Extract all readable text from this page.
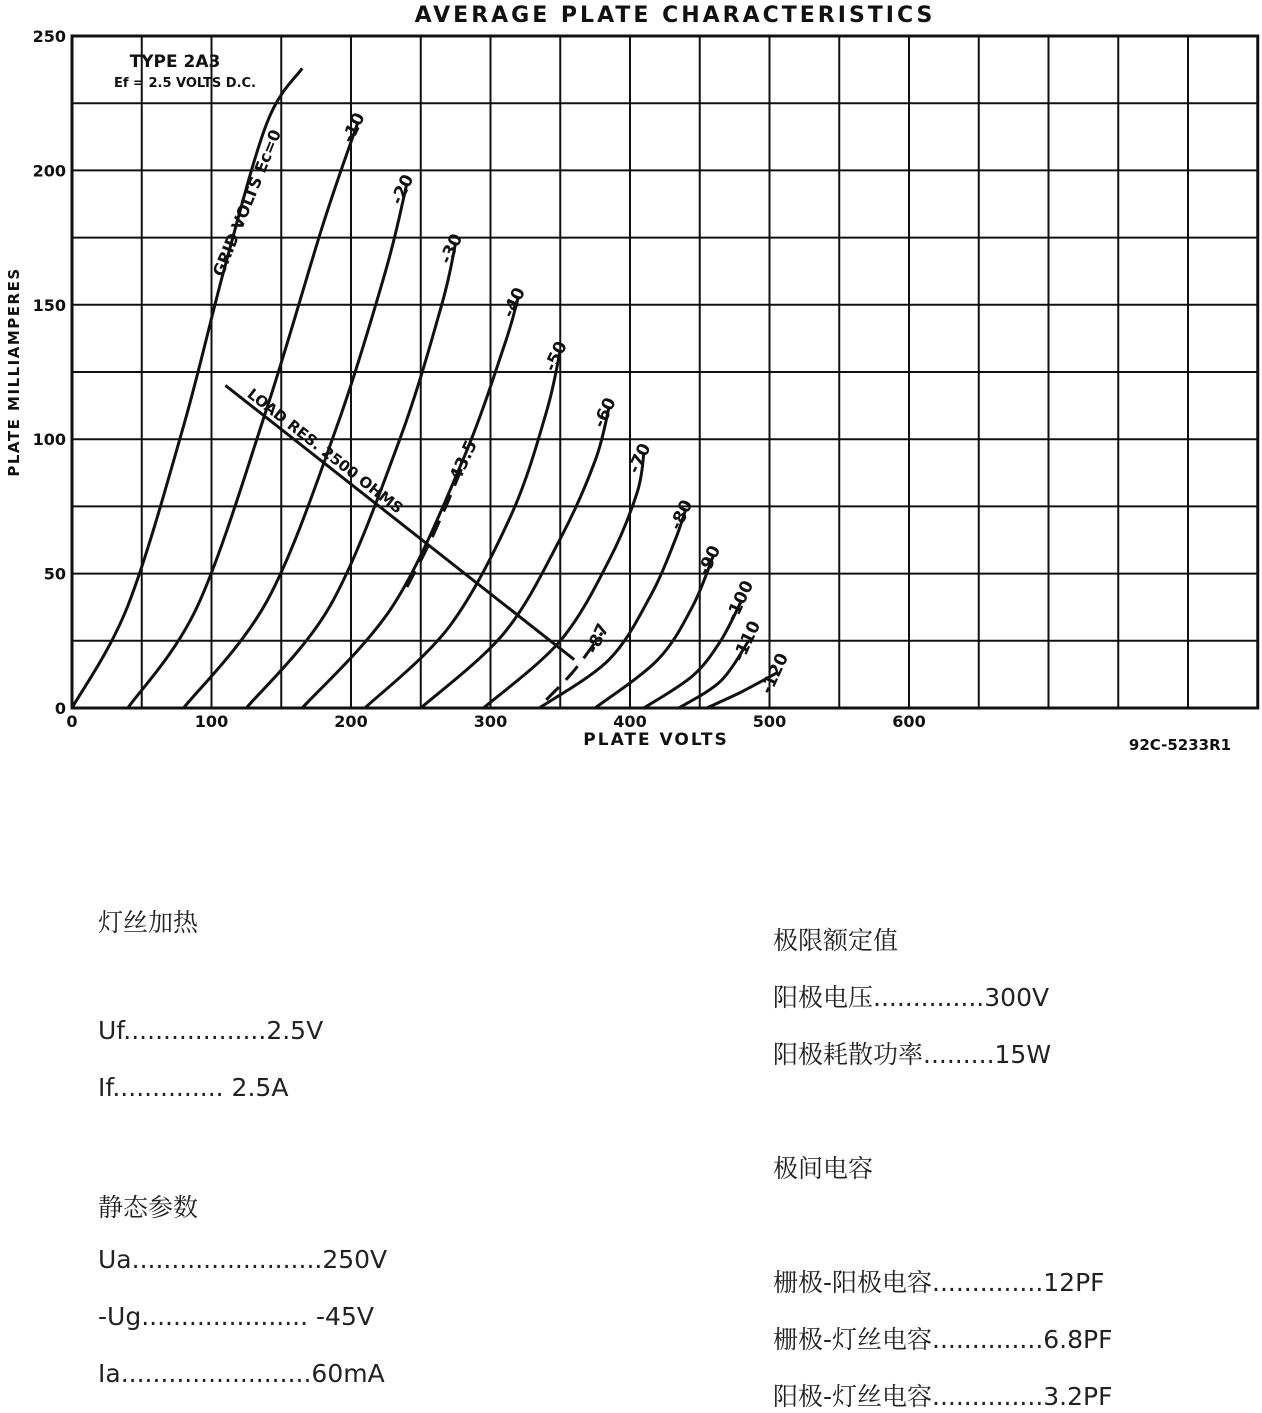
AVERAGE PLATE CHARACTERISTICS
-10
-20
-30
-40
-50
-60
-70
-80
-90
-100
-110
-120
-43.5
-87
0	100	200	300	400	500	600
0
50
100
150
200
250
PLATE VOLTS
PLATE MILLIAMPERES
92C-5233R1
TYPE 2A3
Ef = 2.5 VOLTS D.C.
GRID VOLTS Ec=0
LOAD RES. 2500 OHMS
灯丝加热
Uf..................2.5V
If.............. 2.5A
静态参数
Ua........................250V
-Ug..................... -45V
Ia........................60mA
极限额定值
阳极电压..............300V
阳极耗散功率.........15W
极间电容
栅极-阳极电容..............12PF
栅极-灯丝电容..............6.8PF
阳极-灯丝电容..............3.2PF
